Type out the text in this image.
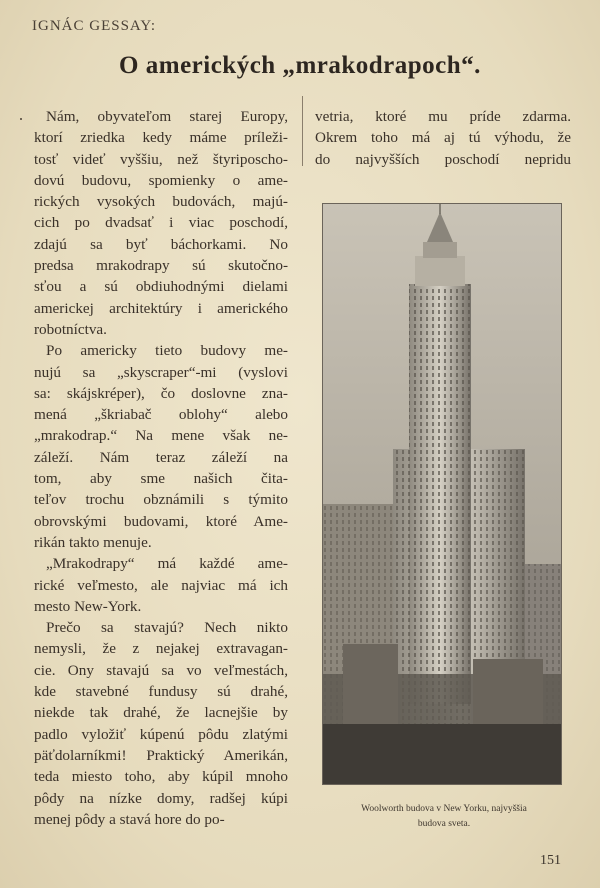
IGNÁC GESSAY:
O amerických „mrakodrapoch“.
Nám, obyvateľom starej Europy,
ktorí zriedka kedy máme príleži-
tosť videť vyššiu, než štyriposcho-
dovú budovu, spomienky o ame-
rických vysokých budovách, majú-
cich po dvadsať i viac poschodí,
zdajú sa byť báchorkami. No
predsa mrakodrapy sú skutočno-
sťou a sú obdiuhodnými dielami
americkej architektúry i amerického
robotníctva.
Po americky tieto budovy me-
nujú sa „skyscraper“-mi (vyslovi
sa: skájskréper), čo doslovne zna-
mená „škriabač oblohy“ alebo
„mrakodrap.“ Na mene však ne-
záleží. Nám teraz záleží na
tom, aby sme našich čita-
teľov trochu obznámili s týmito
obrovskými budovami, ktoré Ame-
rikán takto menuje.
„Mrakodrapy“ má každé ame-
rické veľmesto, ale najviac má ich
mesto New-York.
Prečo sa stavajú? Nech nikto
nemysli, že z nejakej extravagan-
cie. Ony stavajú sa vo veľmestách,
kde stavebné fundusy sú drahé,
niekde tak drahé, že lacnejšie by
padlo vyložiť kúpenú pôdu zlatými
päťdolarníkmi! Praktický Amerikán,
teda miesto toho, aby kúpil mnoho
pôdy na nízke domy, radšej kúpi
menej pôdy a stavá hore do po-
vetria, ktoré mu príde zdarma.
Okrem toho má aj tú výhodu, že
do najvyšších poschodí nepridu
Woolworth budova v New Yorku, najvyššia
budova sveta.
151
